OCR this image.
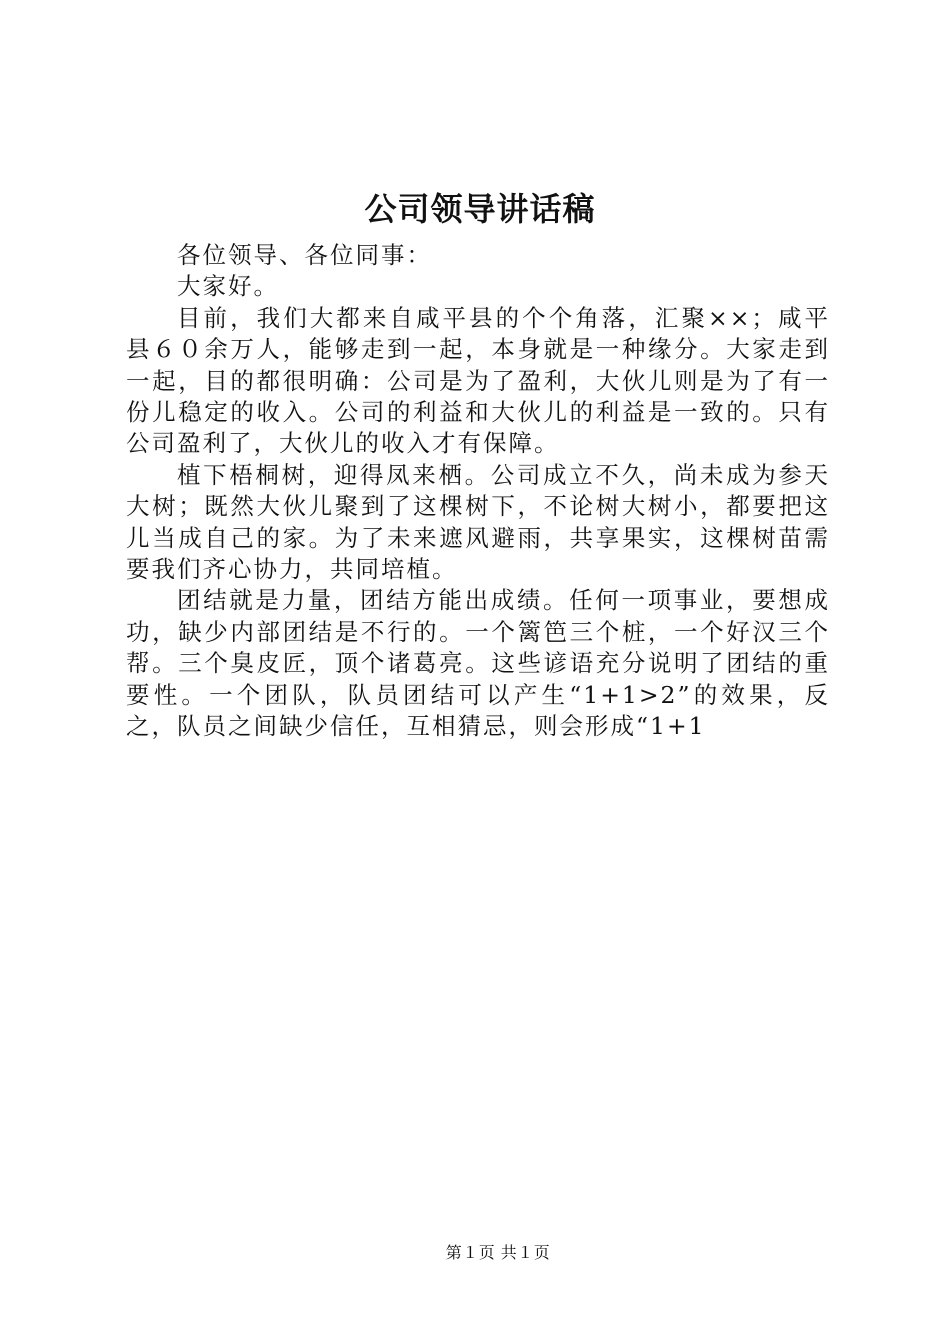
公司领导讲话稿

各位领导、各位同事：

大家好。

目前，我们大都来自咸平县的个个角落，汇聚××；咸平县６０余万人，能够走到一起，本身就是一种缘分。大家走到一起，目的都很明确：公司是为了盈利，大伙儿则是为了有一份儿稳定的收入。公司的利益和大伙儿的利益是一致的。只有公司盈利了，大伙儿的收入才有保障。

植下梧桐树，迎得凤来栖。公司成立不久，尚未成为参天大树；既然大伙儿聚到了这棵树下，不论树大树小，都要把这儿当成自己的家。为了未来遮风避雨，共享果实，这棵树苗需要我们齐心协力，共同培植。

团结就是力量，团结方能出成绩。任何一项事业，要想成功，缺少内部团结是不行的。一个篱笆三个桩，一个好汉三个帮。三个臭皮匠，顶个诸葛亮。这些谚语充分说明了团结的重要性。一个团队，队员团结可以产生“1+1>2”的效果，反之，队员之间缺少信任，互相猜忌，则会形成“1+1

第１页 共１页
